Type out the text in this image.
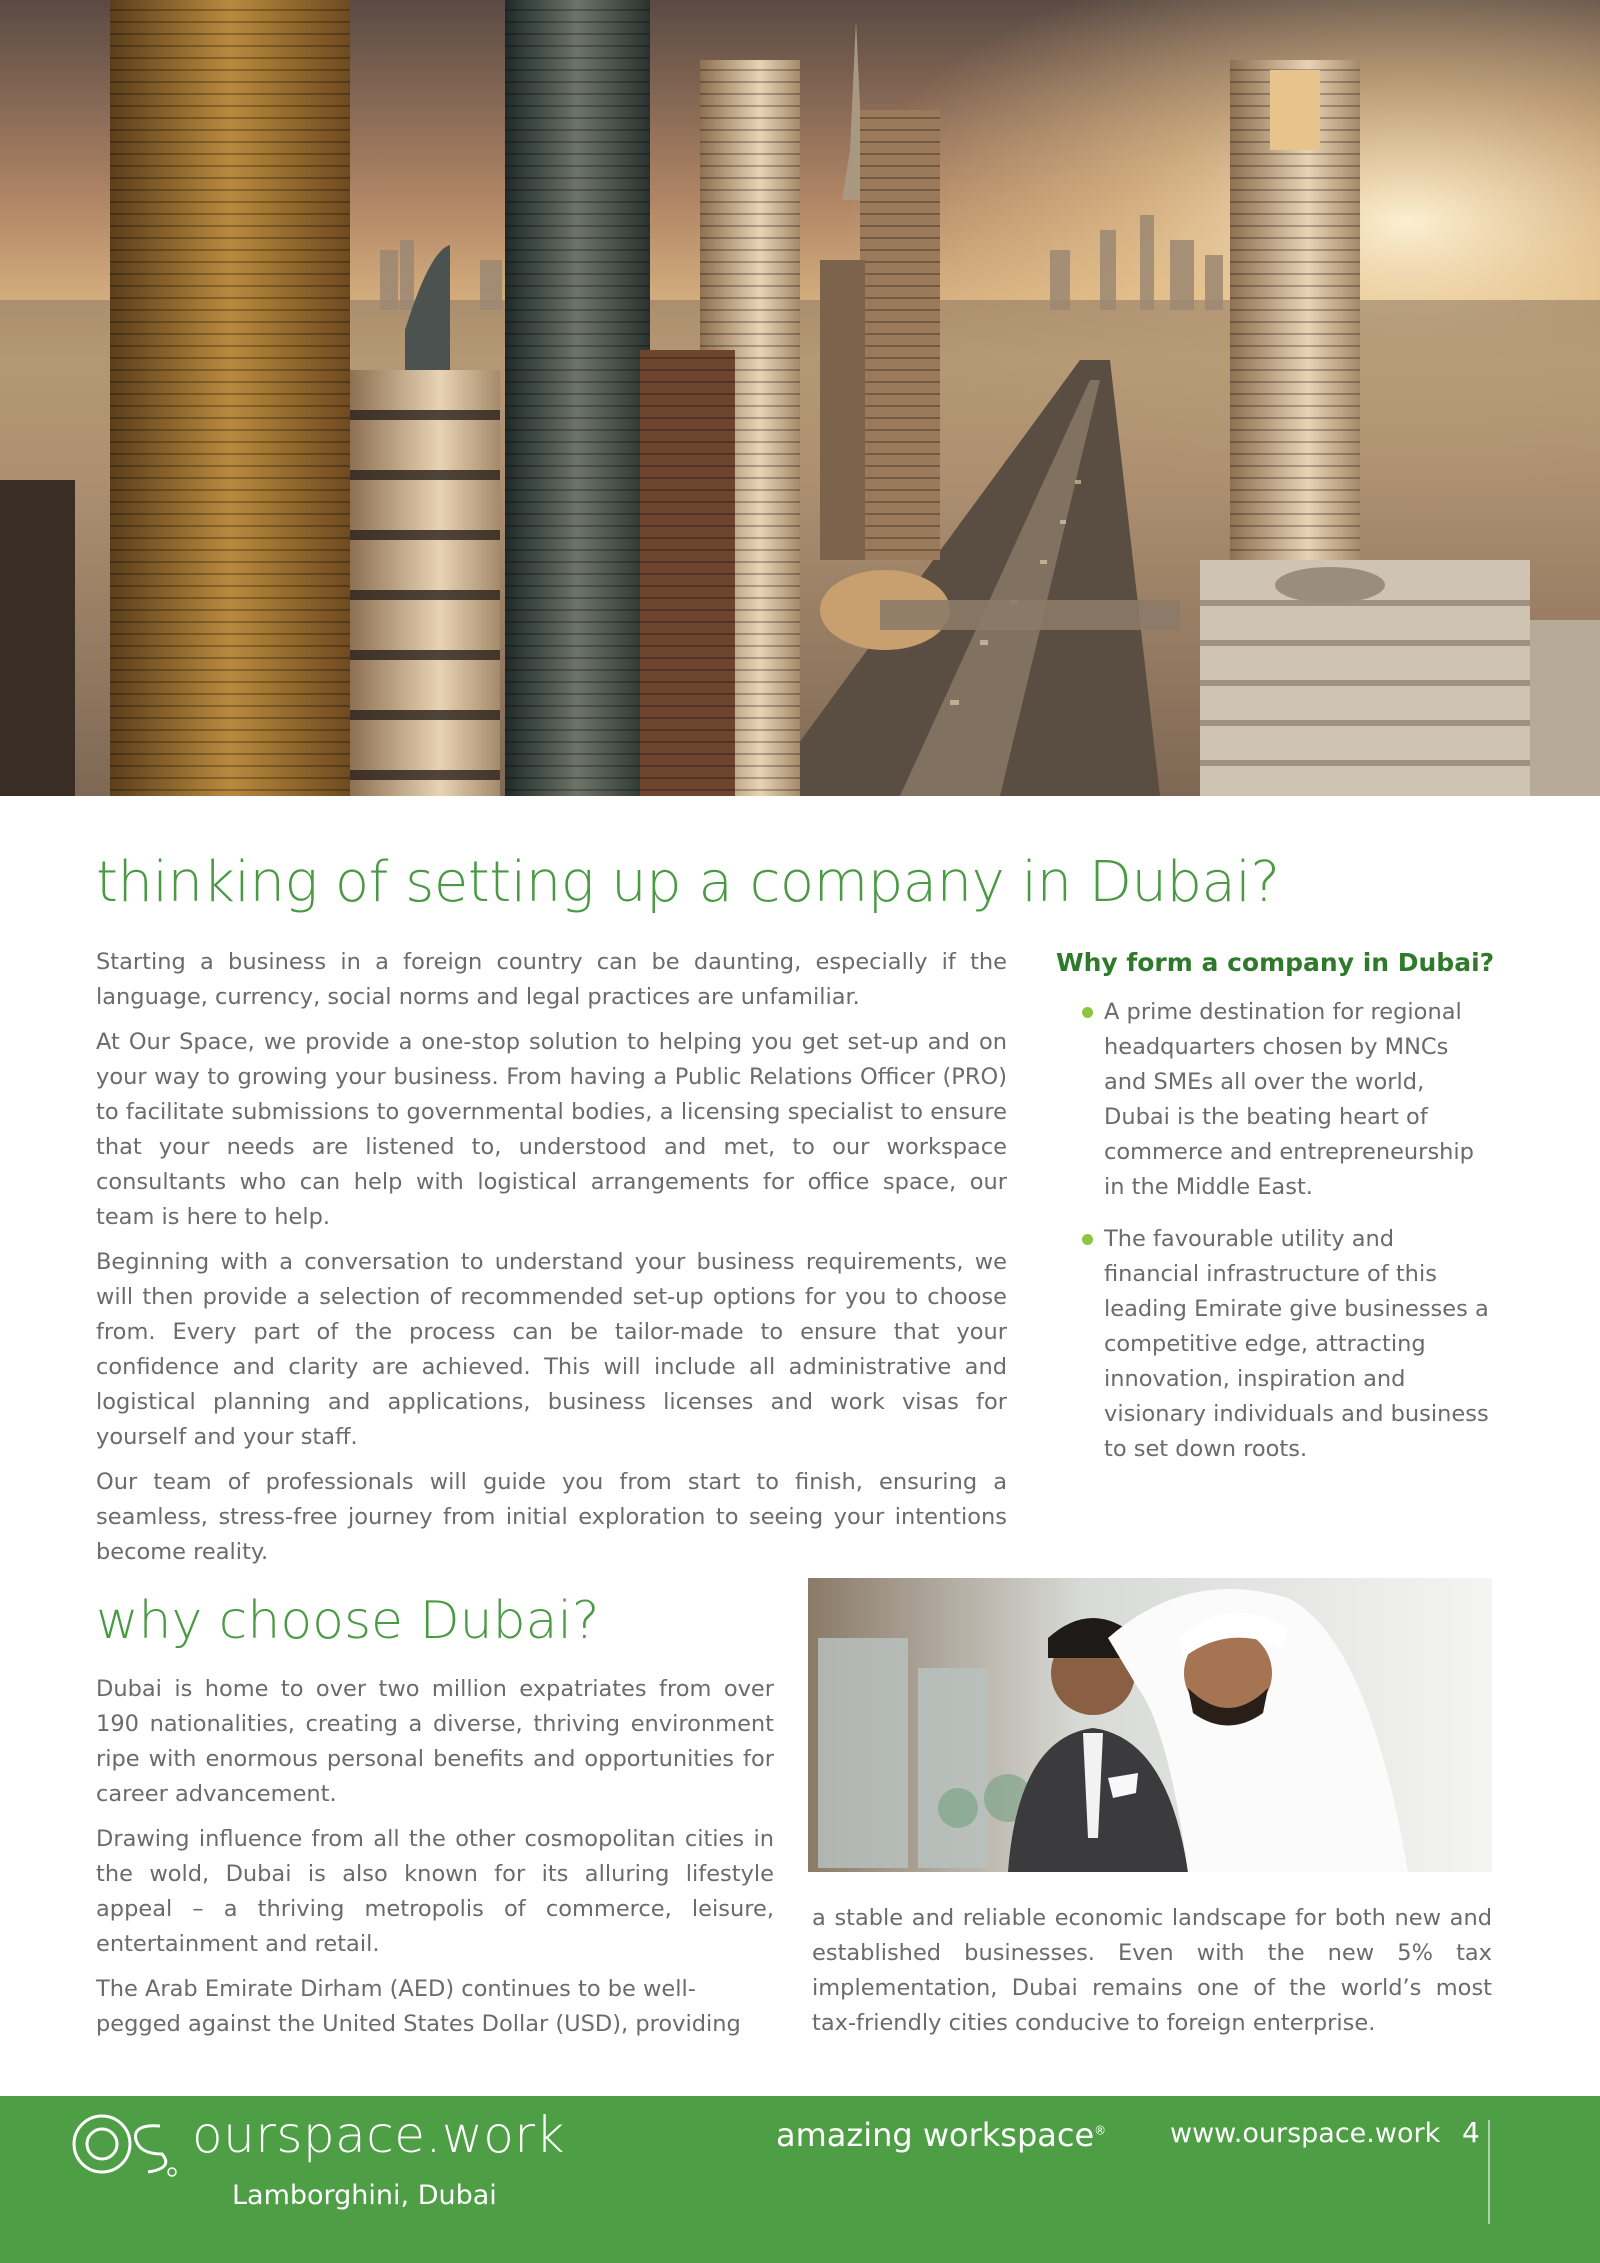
thinking of setting up a company in Dubai?

Starting a business in a foreign country can be daunting, especially if the language, currency, social norms and legal practices are unfamiliar.

At Our Space, we provide a one-stop solution to helping you get set-up and on your way to growing your business. From having a Public Relations Officer (PRO) to facilitate submissions to governmental bodies, a licensing specialist to ensure that your needs are listened to, understood and met, to our workspace consultants who can help with logistical arrangements for office space, our team is here to help.

Beginning with a conversation to understand your business requirements, we will then provide a selection of recommended set-up options for you to choose from. Every part of the process can be tailor-made to ensure that your confidence and clarity are achieved. This will include all administrative and logistical planning and applications, business licenses and work visas for yourself and your staff.

Our team of professionals will guide you from start to finish, ensuring a seamless, stress-free journey from initial exploration to seeing your intentions become reality.

Why form a company in Dubai?
A prime destination for regional headquarters chosen by MNCs and SMEs all over the world, Dubai is the beating heart of commerce and entrepreneurship in the Middle East.
The favourable utility and financial infrastructure of this leading Emirate give businesses a competitive edge, attracting innovation, inspiration and visionary individuals and business to set down roots.
why choose Dubai?

Dubai is home to over two million expatriates from over 190 nationalities, creating a diverse, thriving environment ripe with enormous personal benefits and opportunities for career advancement.

Drawing influence from all the other cosmopolitan cities in the wold, Dubai is also known for its alluring lifestyle appeal – a thriving metropolis of commerce, leisure, entertainment and retail.

The Arab Emirate Dirham (AED) continues to be well-pegged against the United States Dollar (USD), providing

a stable and reliable economic landscape for both new and established businesses. Even with the new 5% tax implementation, Dubai remains one of the world’s most tax-friendly cities conducive to foreign enterprise.

ourspace.work
Lamborghini, Dubai
amazing workspace® www.ourspace.work 4
